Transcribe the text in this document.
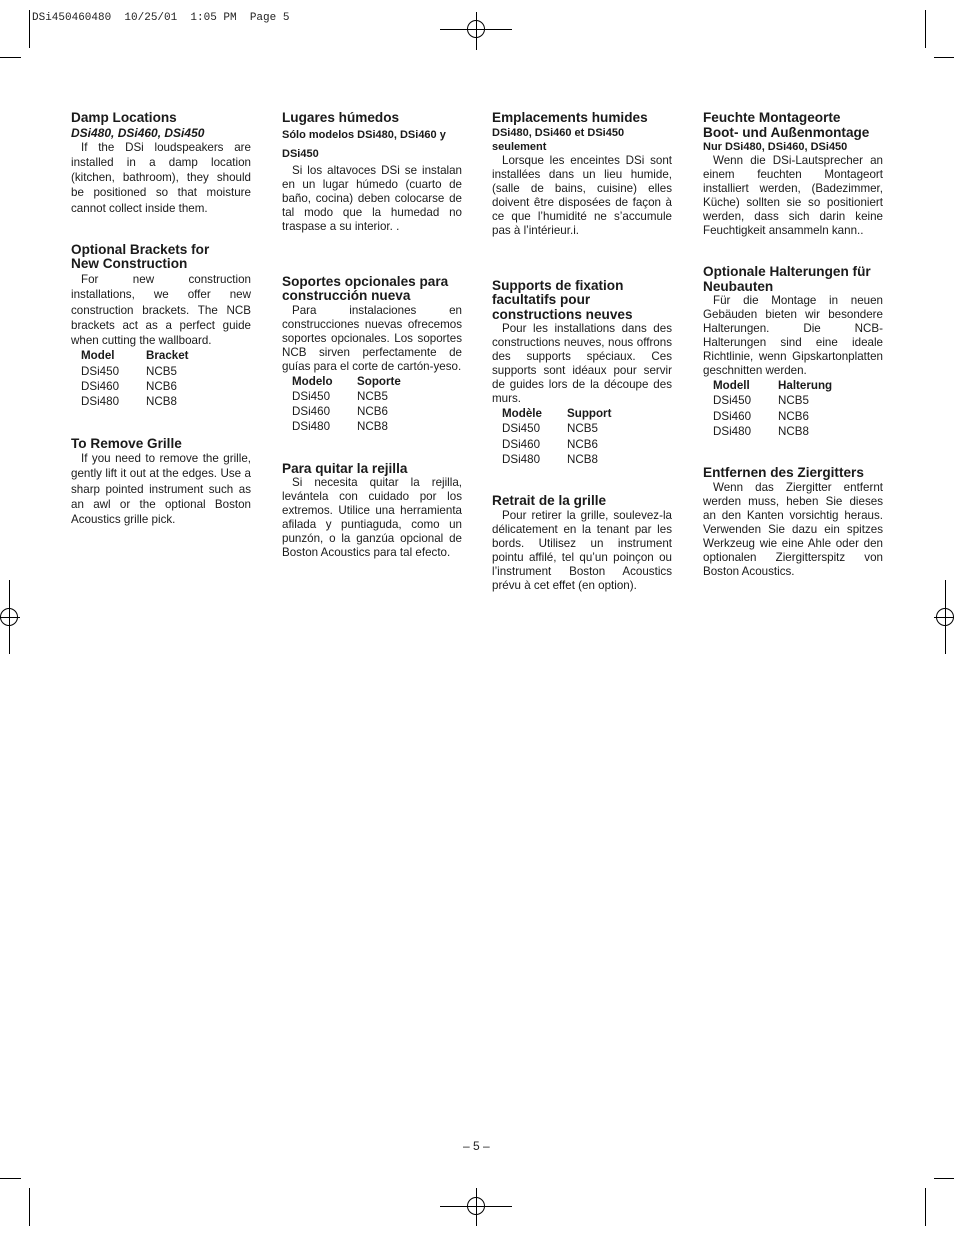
DSi450460480  10/25/01  1:05 PM  Page 5
Damp Locations
DSi480, DSi460, DSi450
If the DSi loudspeakers are installed in a damp location (kitchen, bathroom), they should be positioned so that moisture cannot collect inside them.
Optional Brackets for
New Construction
For new construction installations, we offer new construction brackets. The NCB brackets act as a perfect guide when cutting the wallboard.
Model	Bracket
DSi450	NCB5
DSi460	NCB6
DSi480	NCB8
To Remove Grille
If you need to remove the grille, gently lift it out at the edges. Use a sharp pointed instrument such as an awl or the optional Boston Acoustics grille pick.
Lugares húmedos
Sólo modelos DSi480, DSi460 y DSi450
Si los altavoces DSi se instalan en un lugar húmedo (cuarto de baño, cocina) deben colocarse de tal modo que la humedad no traspase a su interior. .
Soportes opcionales para
construcción nueva
Para instalaciones en construcciones nuevas ofrecemos soportes opcionales. Los soportes NCB sirven perfectamente de guías para el corte de cartón-yeso.
Modelo	Soporte
DSi450	NCB5
DSi460	NCB6
DSi480	NCB8
Para quitar la rejilla
Si necesita quitar la rejilla, levántela con cuidado por los extremos. Utilice una herramienta afilada y puntiaguda, como un punzón, o la ganzúa opcional de Boston Acoustics para tal efecto.
Emplacements humides
DSi480, DSi460 et DSi450 seulement
Lorsque les enceintes DSi sont installées dans un lieu humide, (salle de bains, cuisine) elles doivent être disposées de façon à ce que l’humidité ne s’accumule pas à l’intérieur.i.
Supports de fixation
facultatifs pour
constructions neuves
Pour les installations dans des constructions neuves, nous offrons des supports spéciaux. Ces supports sont idéaux pour servir de guides lors de la découpe des murs.
Modèle	Support
DSi450	NCB5
DSi460	NCB6
DSi480	NCB8
Retrait de la grille
Pour retirer la grille, soulevez-la délicatement en la tenant par les bords. Utilisez un instrument pointu affilé, tel qu’un poinçon ou l’instrument Boston Acoustics prévu à cet effet (en option).
Feuchte Montageorte
Boot- und Außenmontage
Nur DSi480, DSi460, DSi450
Wenn die DSi-Lautsprecher an einem feuchten Montageort installiert werden, (Badezimmer, Küche) sollten sie so positioniert werden, dass sich darin keine Feuchtigkeit ansammeln kann..
Optionale Halterungen für
Neubauten
Für die Montage in neuen Gebäuden bieten wir besondere Halterungen. Die NCB-Halterungen sind eine ideale Richtlinie, wenn Gipskartonplatten geschnitten werden.
Modell	Halterung
DSi450	NCB5
DSi460	NCB6
DSi480	NCB8
Entfernen des Ziergitters
Wenn das Ziergitter entfernt werden muss, heben Sie dieses an den Kanten vorsichtig heraus. Verwenden Sie dazu ein spitzes Werkzeug wie eine Ahle oder den optionalen Ziergitterspitz von Boston Acoustics.
– 5 –
